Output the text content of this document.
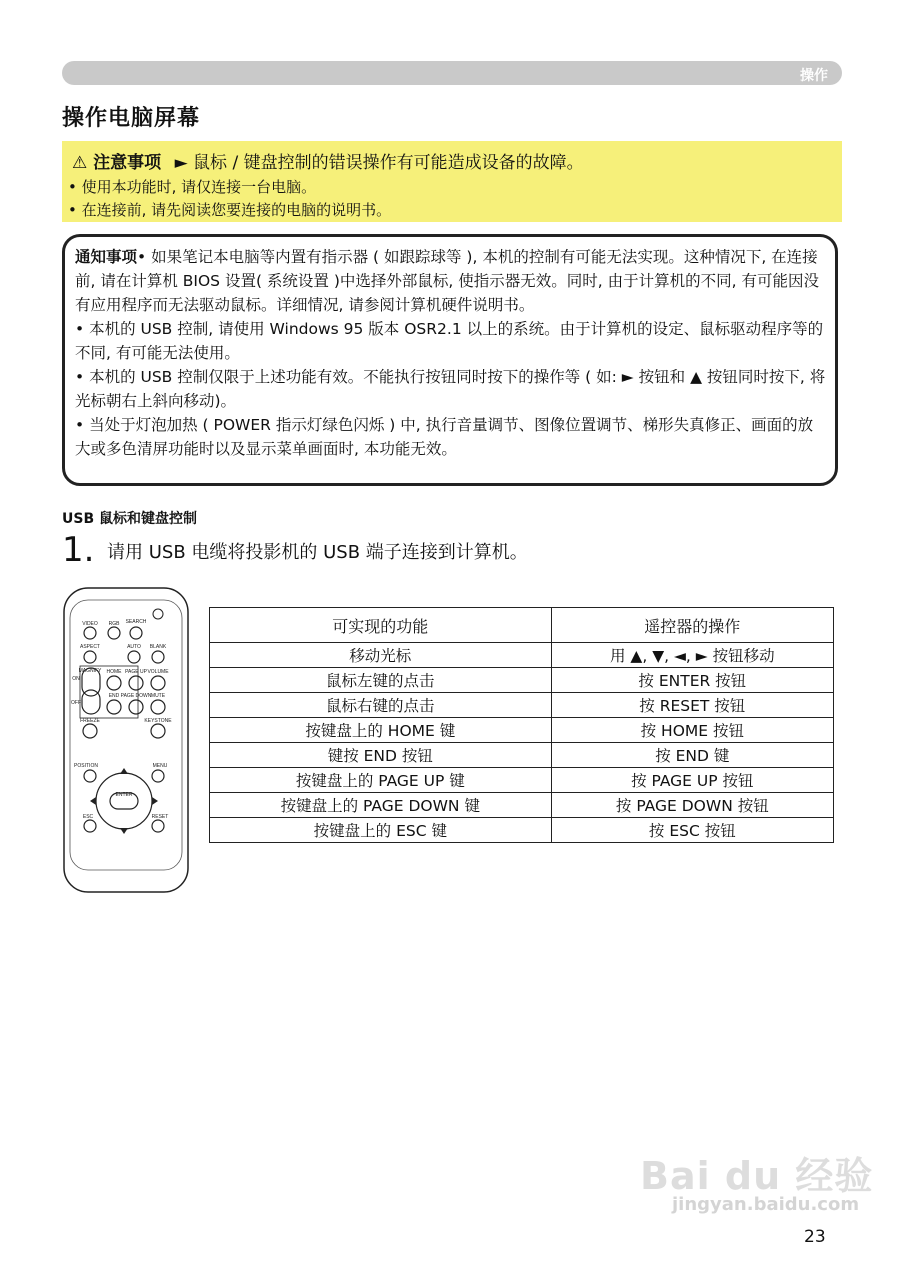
操作
操作电脑屏幕
⚠ 注意事项 ► 鼠标 / 键盘控制的错误操作有可能造成设备的故障。
• 使用本功能时, 请仅连接一台电脑。
• 在连接前, 请先阅读您要连接的电脑的说明书。

通知事项• 如果笔记本电脑等内置有指示器 ( 如跟踪球等 ), 本机的控制有可能无法实现。这种情况下, 在连接前, 请在计算机 BIOS 设置( 系统设置 )中选择外部鼠标, 使指示器无效。同时, 由于计算机的不同, 有可能因没有应用程序而无法驱动鼠标。详细情况, 请参阅计算机硬件说明书。

• 本机的 USB 控制, 请使用 Windows 95 版本 OSR2.1 以上的系统。由于计算机的设定、鼠标驱动程序等的不同, 有可能无法使用。

• 本机的 USB 控制仅限于上述功能有效。不能执行按钮同时按下的操作等 ( 如: ► 按钮和 ▲ 按钮同时按下, 将光标朝右上斜向移动)。

• 当处于灯泡加热 ( POWER 指示灯绿色闪烁 ) 中, 执行音量调节、图像位置调节、梯形失真修正、画面的放大或多色清屏功能时以及显示菜单画面时, 本功能无效。

USB 鼠标和键盘控制
1. 请用 USB 电缆将投影机的 USB 端子连接到计算机。
VIDEO RGB SEARCH
ASPECT	AUTO BLANK
MAGNIFY HOME PAGE UP VOLUME
ON
OFF
END PAGE DOWN MUTE
FREEZE	KEYSTONE
POSITION	MENU
ENTER
ESC	RESET
可实现的功能	遥控器的操作
移动光标	用 ▲, ▼, ◄, ► 按钮移动
鼠标左键的点击	按 ENTER 按钮
鼠标右键的点击	按 RESET 按钮
按键盘上的 HOME 键	按 HOME 按钮
键按 END 按钮	按 END 键
按键盘上的 PAGE UP 键	按 PAGE UP 按钮
按键盘上的 PAGE DOWN 键	按 PAGE DOWN 按钮
按键盘上的 ESC 键	按 ESC 按钮
Bai du 经验
jingyan.baidu.com
23
